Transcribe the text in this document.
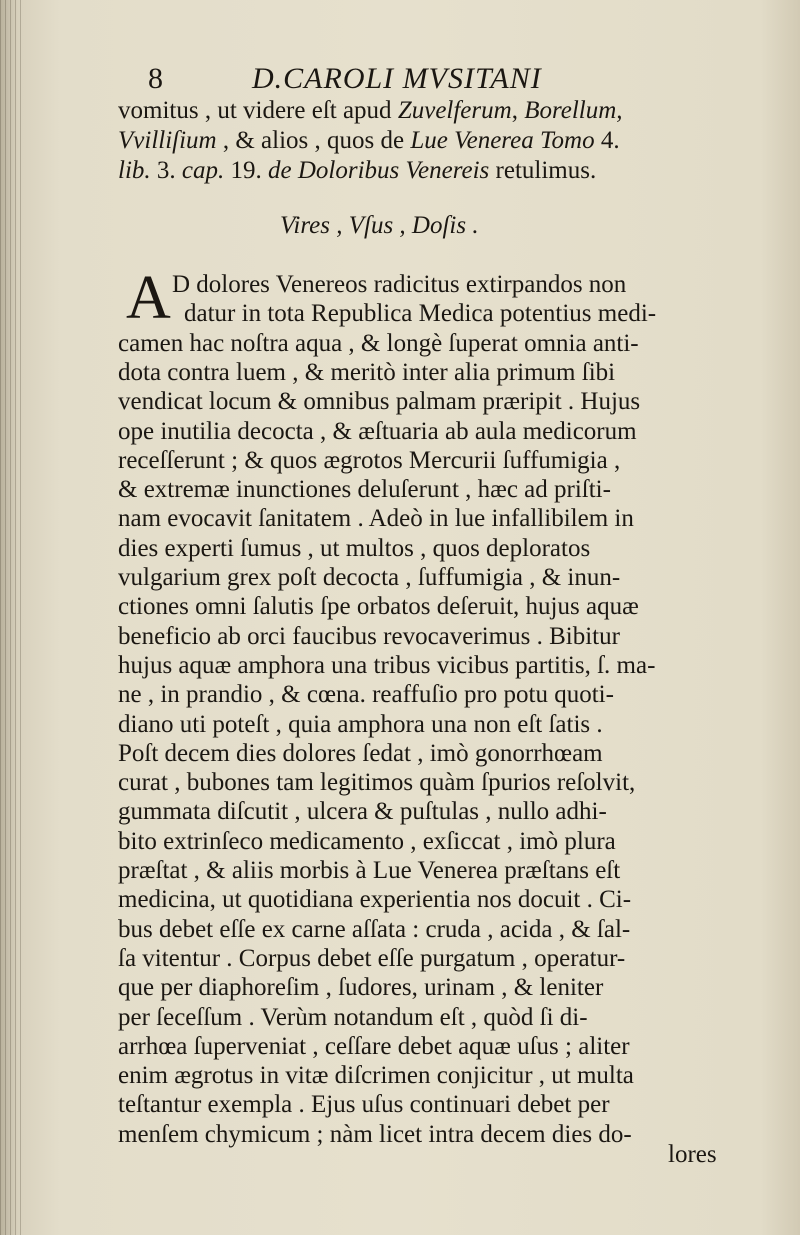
8	D.CAROLI MVSITANI
vomitus , ut videre eſt apud Zuvelferum, Borellum,
Vvilliſium , & alios , quos de Lue Venerea Tomo 4.
lib. 3. cap. 19. de Doloribus Venereis retulimus.
Vires , Vſus , Doſis .
A D dolores Venereos radicitus extirpandos non
datur in tota Republica Medica potentius medi-
camen hac noſtra aqua , & longè ſuperat omnia anti-
dota contra luem , & meritò inter alia primum ſibi
vendicat locum & omnibus palmam præripit . Hujus
ope inutilia decocta , & æſtuaria ab aula medicorum
receſſerunt ; & quos ægrotos Mercurii ſuffumigia ,
& extremæ inunctiones deluſerunt , hæc ad priſti-
nam evocavit ſanitatem . Adeò in lue infallibilem in
dies experti ſumus , ut multos , quos deploratos
vulgarium grex poſt decocta , ſuffumigia , & inun-
ctiones omni ſalutis ſpe orbatos deſeruit, hujus aquæ
beneficio ab orci faucibus revocaverimus . Bibitur
hujus aquæ amphora una tribus vicibus partitis, ſ. ma-
ne , in prandio , & cœna. reaffuſio pro potu quoti-
diano uti poteſt , quia amphora una non eſt ſatis .
Poſt decem dies dolores ſedat , imò gonorrhœam
curat , bubones tam legitimos quàm ſpurios reſolvit,
gummata diſcutit , ulcera & puſtulas , nullo adhi-
bito extrinſeco medicamento , exſiccat , imò plura
præſtat , & aliis morbis à Lue Venerea præſtans eſt
medicina, ut quotidiana experientia nos docuit . Ci-
bus debet eſſe ex carne aſſata : cruda , acida , & ſal-
ſa vitentur . Corpus debet eſſe purgatum , operatur-
que per diaphoreſim , ſudores, urinam , & leniter
per ſeceſſum . Verùm notandum eſt , quòd ſi di-
arrhœa ſuperveniat , ceſſare debet aquæ uſus ; aliter
enim ægrotus in vitæ diſcrimen conjicitur , ut multa
teſtantur exempla . Ejus uſus continuari debet per
menſem chymicum ; nàm licet intra decem dies do-
lores
